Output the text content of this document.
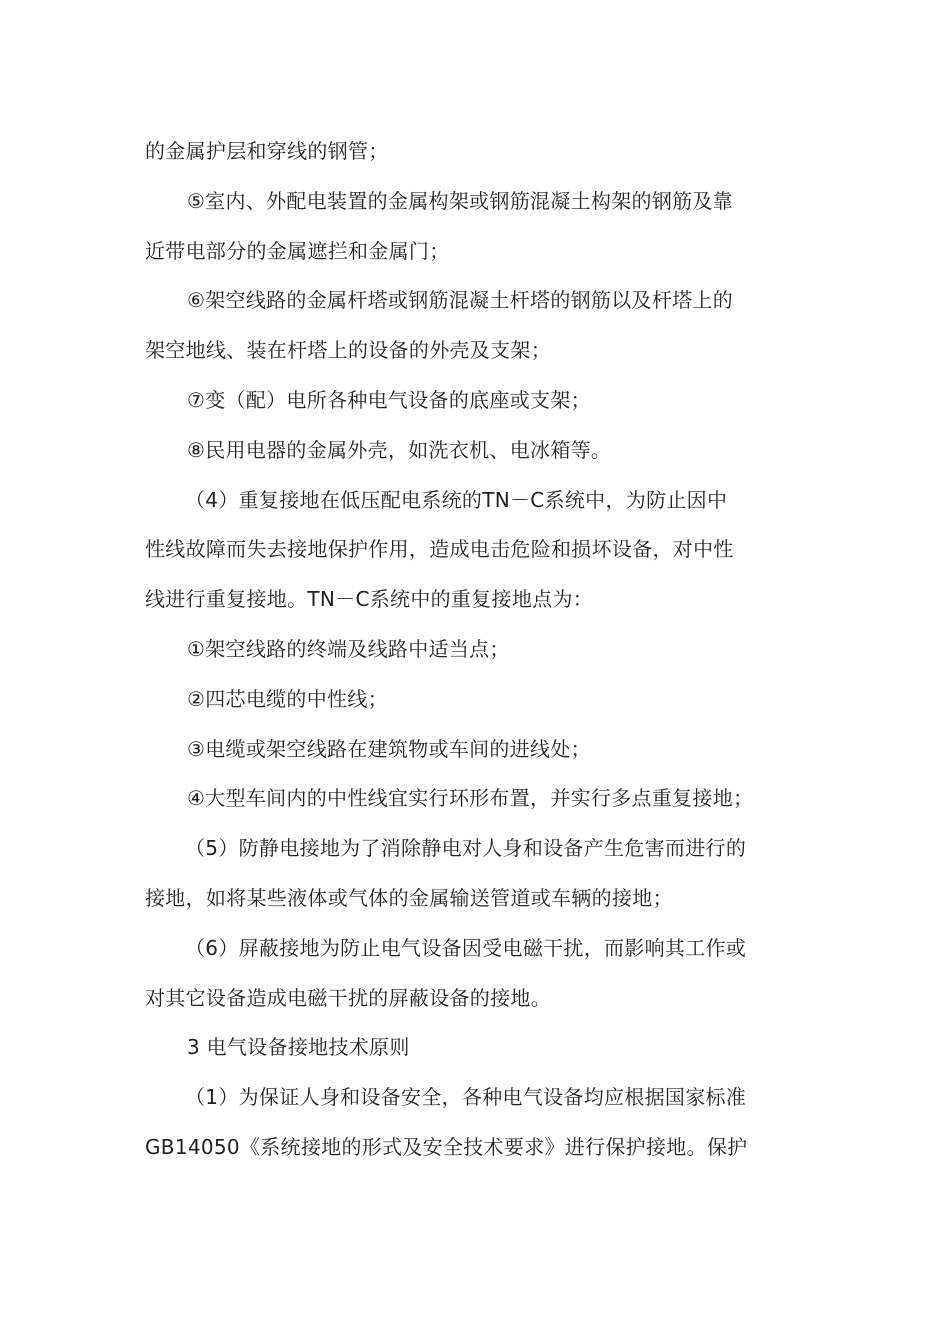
的金属护层和穿线的钢管；
⑤室内、外配电装置的金属构架或钢筋混凝土构架的钢筋及靠
近带电部分的金属遮拦和金属门；
⑥架空线路的金属杆塔或钢筋混凝土杆塔的钢筋以及杆塔上的
架空地线、装在杆塔上的设备的外壳及支架；
⑦变（配）电所各种电气设备的底座或支架；
⑧民用电器的金属外壳，如洗衣机、电冰箱等。
（4）重复接地在低压配电系统的TN－C系统中，为防止因中
性线故障而失去接地保护作用，造成电击危险和损坏设备，对中性
线进行重复接地。TN－C系统中的重复接地点为：
①架空线路的终端及线路中适当点；
②四芯电缆的中性线；
③电缆或架空线路在建筑物或车间的进线处；
④大型车间内的中性线宜实行环形布置，并实行多点重复接地；
（5）防静电接地为了消除静电对人身和设备产生危害而进行的
接地，如将某些液体或气体的金属输送管道或车辆的接地；
（6）屏蔽接地为防止电气设备因受电磁干扰，而影响其工作或
对其它设备造成电磁干扰的屏蔽设备的接地。
3 电气设备接地技术原则
（1）为保证人身和设备安全，各种电气设备均应根据国家标准
GB14050《系统接地的形式及安全技术要求》进行保护接地。保护
